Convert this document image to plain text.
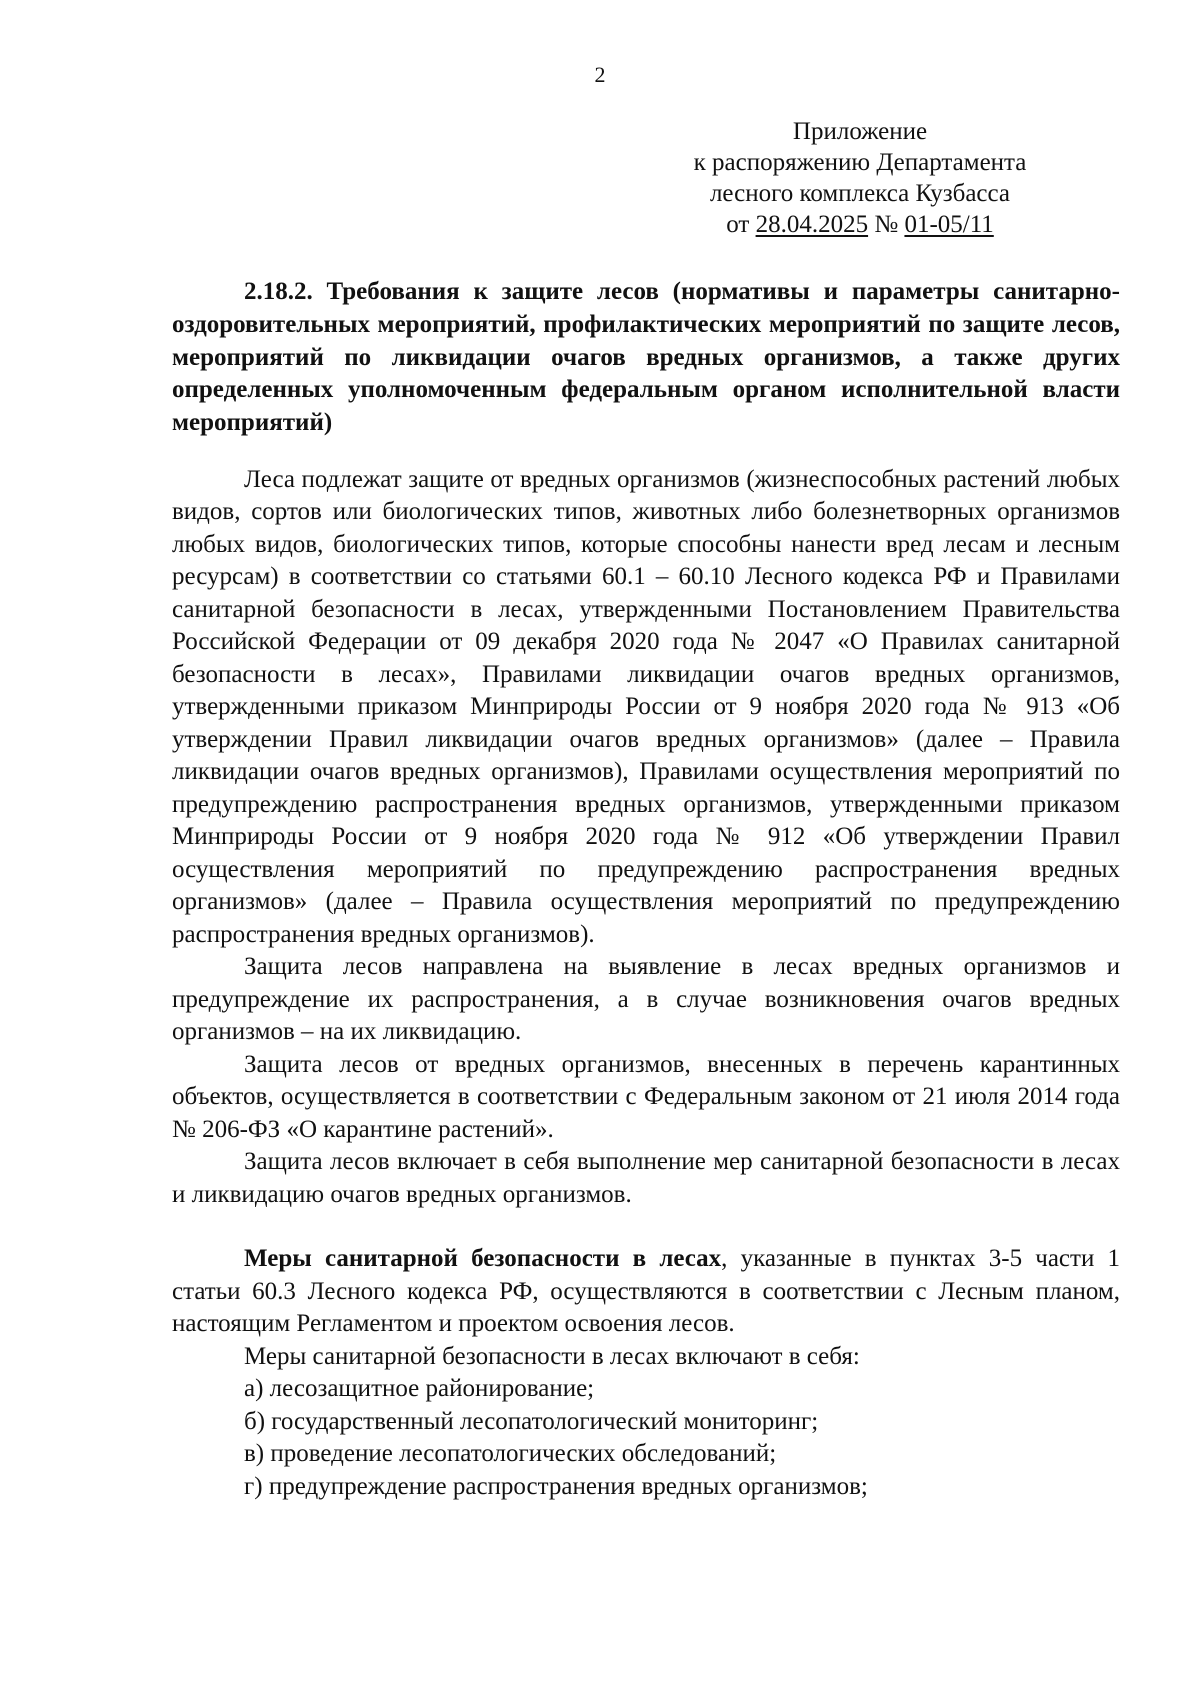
2
Приложение
к распоряжению Департамента
лесного комплекса Кузбасса
от 28.04.2025 № 01-05/11

2.18.2. Требования к защите лесов (нормативы и параметры санитарно-оздоровительных мероприятий, профилактических мероприятий по защите лесов, мероприятий по ликвидации очагов вредных организмов, а также других определенных уполномоченным федеральным органом исполнительной власти мероприятий)

Леса подлежат защите от вредных организмов (жизнеспособных растений любых видов, сортов или биологических типов, животных либо болезнетворных организмов любых видов, биологических типов, которые способны нанести вред лесам и лесным ресурсам) в соответствии со статьями 60.1 – 60.10 Лесного кодекса РФ и Правилами санитарной безопасности в лесах, утвержденными Постановлением Правительства Российской Федерации от 09 декабря 2020 года № 2047 «О Правилах санитарной безопасности в лесах», Правилами ликвидации очагов вредных организмов, утвержденными приказом Минприроды России от 9 ноября 2020 года № 913 «Об утверждении Правил ликвидации очагов вредных организмов» (далее – Правила ликвидации очагов вредных организмов), Правилами осуществления мероприятий по предупреждению распространения вредных организмов, утвержденными приказом Минприроды России от 9 ноября 2020 года № 912 «Об утверждении Правил осуществления мероприятий по предупреждению распространения вредных организмов» (далее – Правила осуществления мероприятий по предупреждению распространения вредных организмов).

Защита лесов направлена на выявление в лесах вредных организмов и предупреждение их распространения, а в случае возникновения очагов вредных организмов – на их ликвидацию.

Защита лесов от вредных организмов, внесенных в перечень карантинных объектов, осуществляется в соответствии с Федеральным законом от 21 июля 2014 года № 206-ФЗ «О карантине растений».

Защита лесов включает в себя выполнение мер санитарной безопасности в лесах и ликвидацию очагов вредных организмов.

Меры санитарной безопасности в лесах, указанные в пунктах 3-5 части 1 статьи 60.3 Лесного кодекса РФ, осуществляются в соответствии с Лесным планом, настоящим Регламентом и проектом освоения лесов.

Меры санитарной безопасности в лесах включают в себя:

а) лесозащитное районирование;

б) государственный лесопатологический мониторинг;

в) проведение лесопатологических обследований;

г) предупреждение распространения вредных организмов;
